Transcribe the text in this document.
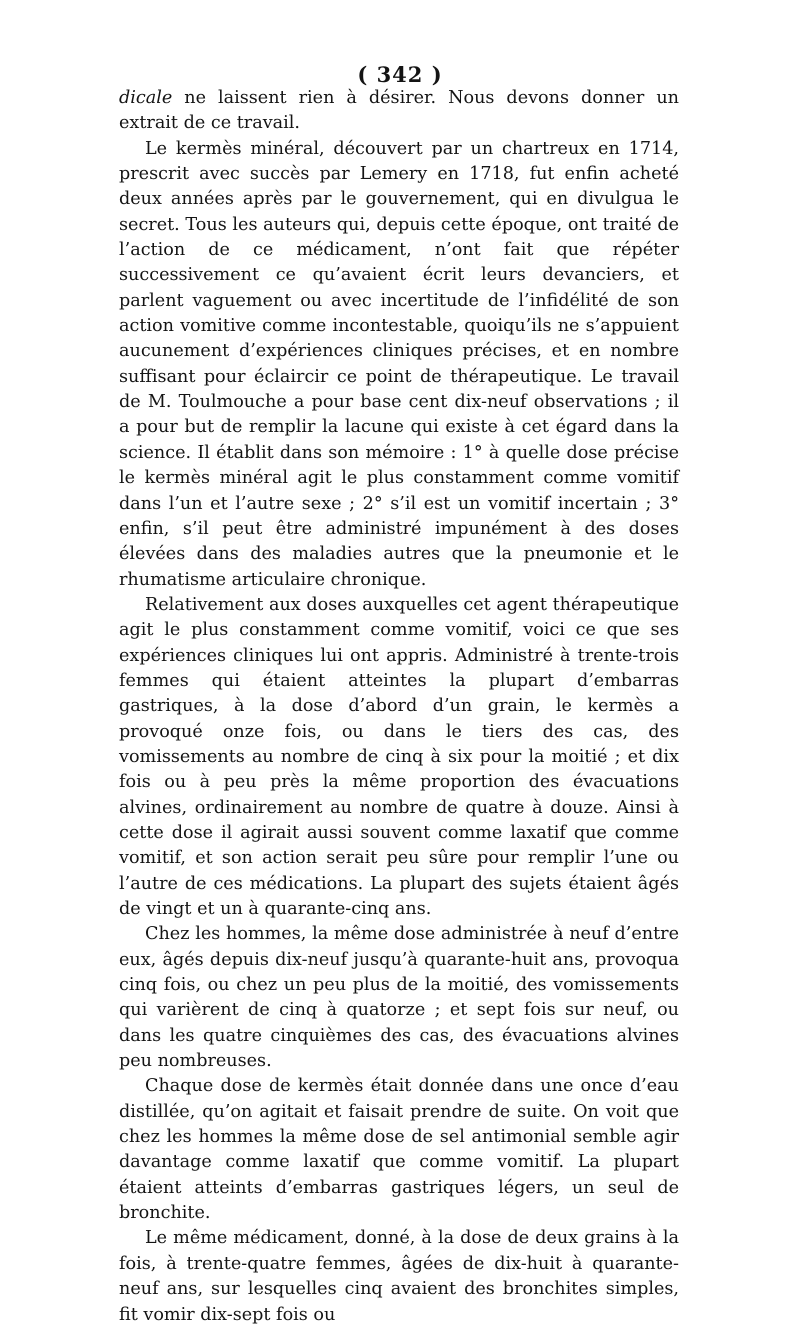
( 342 )

dicale ne laissent rien à désirer. Nous devons donner un extrait de ce travail.

Le kermès minéral, découvert par un chartreux en 1714, prescrit avec succès par Lemery en 1718, fut enfin acheté deux années après par le gouvernement, qui en divulgua le secret. Tous les auteurs qui, depuis cette époque, ont traité de l’action de ce médicament, n’ont fait que répéter successivement ce qu’avaient écrit leurs devanciers, et parlent vaguement ou avec incertitude de l’infidélité de son action vomitive comme incontestable, quoiqu’ils ne s’appuient aucunement d’expériences cliniques précises, et en nombre suffisant pour éclaircir ce point de thérapeutique. Le travail de M. Toulmouche a pour base cent dix-neuf observations ; il a pour but de remplir la lacune qui existe à cet égard dans la science. Il établit dans son mémoire : 1° à quelle dose précise le kermès minéral agit le plus constamment comme vomitif dans l’un et l’autre sexe ; 2° s’il est un vomitif incertain ; 3° enfin, s’il peut être administré impunément à des doses élevées dans des maladies autres que la pneumonie et le rhumatisme articulaire chronique.

Relativement aux doses auxquelles cet agent thérapeutique agit le plus constamment comme vomitif, voici ce que ses expériences cliniques lui ont appris. Administré à trente-trois femmes qui étaient atteintes la plupart d’embarras gastriques, à la dose d’abord d’un grain, le kermès a provoqué onze fois, ou dans le tiers des cas, des vomissements au nombre de cinq à six pour la moitié ; et dix fois ou à peu près la même proportion des évacuations alvines, ordinairement au nombre de quatre à douze. Ainsi à cette dose il agirait aussi souvent comme laxatif que comme vomitif, et son action serait peu sûre pour remplir l’une ou l’autre de ces médications. La plupart des sujets étaient âgés de vingt et un à quarante-cinq ans.

Chez les hommes, la même dose administrée à neuf d’entre eux, âgés depuis dix-neuf jusqu’à quarante-huit ans, provoqua cinq fois, ou chez un peu plus de la moitié, des vomissements qui varièrent de cinq à quatorze ; et sept fois sur neuf, ou dans les quatre cinquièmes des cas, des évacuations alvines peu nombreuses.

Chaque dose de kermès était donnée dans une once d’eau distillée, qu’on agitait et faisait prendre de suite. On voit que chez les hommes la même dose de sel antimonial semble agir davantage comme laxatif que comme vomitif. La plupart étaient atteints d’embarras gastriques légers, un seul de bronchite.

Le même médicament, donné, à la dose de deux grains à la fois, à trente-quatre femmes, âgées de dix-huit à quarante-neuf ans, sur lesquelles cinq avaient des bronchites simples, fit vomir dix-sept fois ou
